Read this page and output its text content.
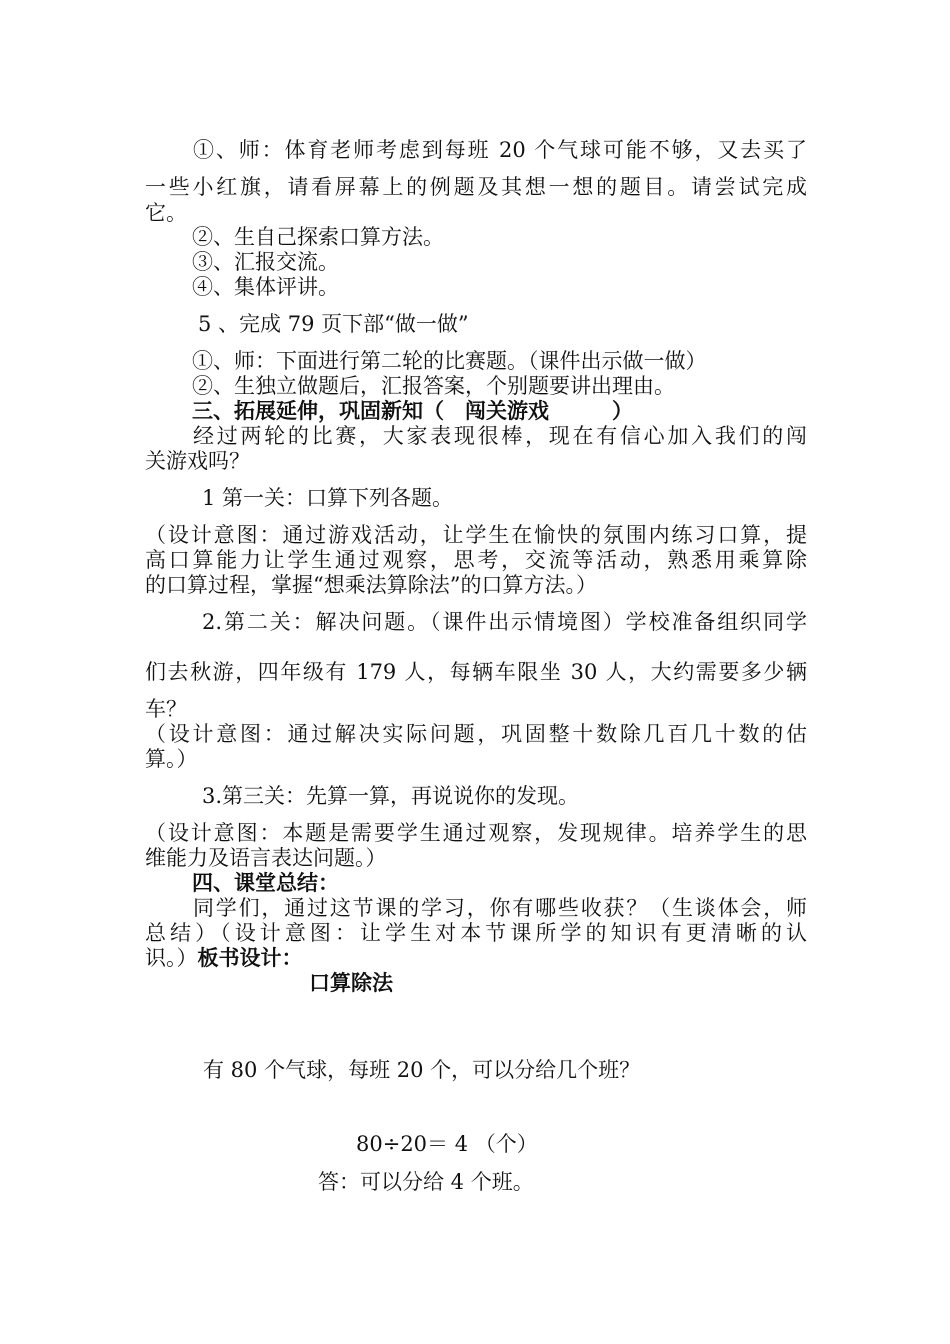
①、师：体育老师考虑到每班 20 个气球可能不够，又去买了
一些小红旗，请看屏幕上的例题及其想一想的题目。请尝试完成
它。
②、生自己探索口算方法。
③、汇报交流。
④、集体评讲。
5 、完成 79 页下部“做一做”
①、师：下面进行第二轮的比赛题。（课件出示做一做）
②、生独立做题后，汇报答案，个别题要讲出理由。
三、拓展延伸，巩固新知（　闯关游戏　　　）
经过两轮的比赛，大家表现很棒，现在有信心加入我们的闯
关游戏吗？
1 第一关：口算下列各题。
（设计意图：通过游戏活动，让学生在愉快的氛围内练习口算，提
高口算能力让学生通过观察，思考，交流等活动，熟悉用乘算除
的口算过程，掌握“想乘法算除法”的口算方法。）
2.第二关：解决问题。（课件出示情境图）学校准备组织同学
们去秋游，四年级有 179 人，每辆车限坐 30 人，大约需要多少辆
车？
（设计意图：通过解决实际问题，巩固整十数除几百几十数的估
算。）
3.第三关：先算一算，再说说你的发现。
（设计意图：本题是需要学生通过观察，发现规律。培养学生的思
维能力及语言表达问题。）
四、课堂总结：
同学们，通过这节课的学习，你有哪些收获？（生谈体会，师
总结）（设计意图：让学生对本节课所学的知识有更清晰的认
识。）板书设计：
口算除法
有 80 个气球，每班 20 个，可以分给几个班？
80÷20＝ 4 （个）
答：可以分给 4 个班。
